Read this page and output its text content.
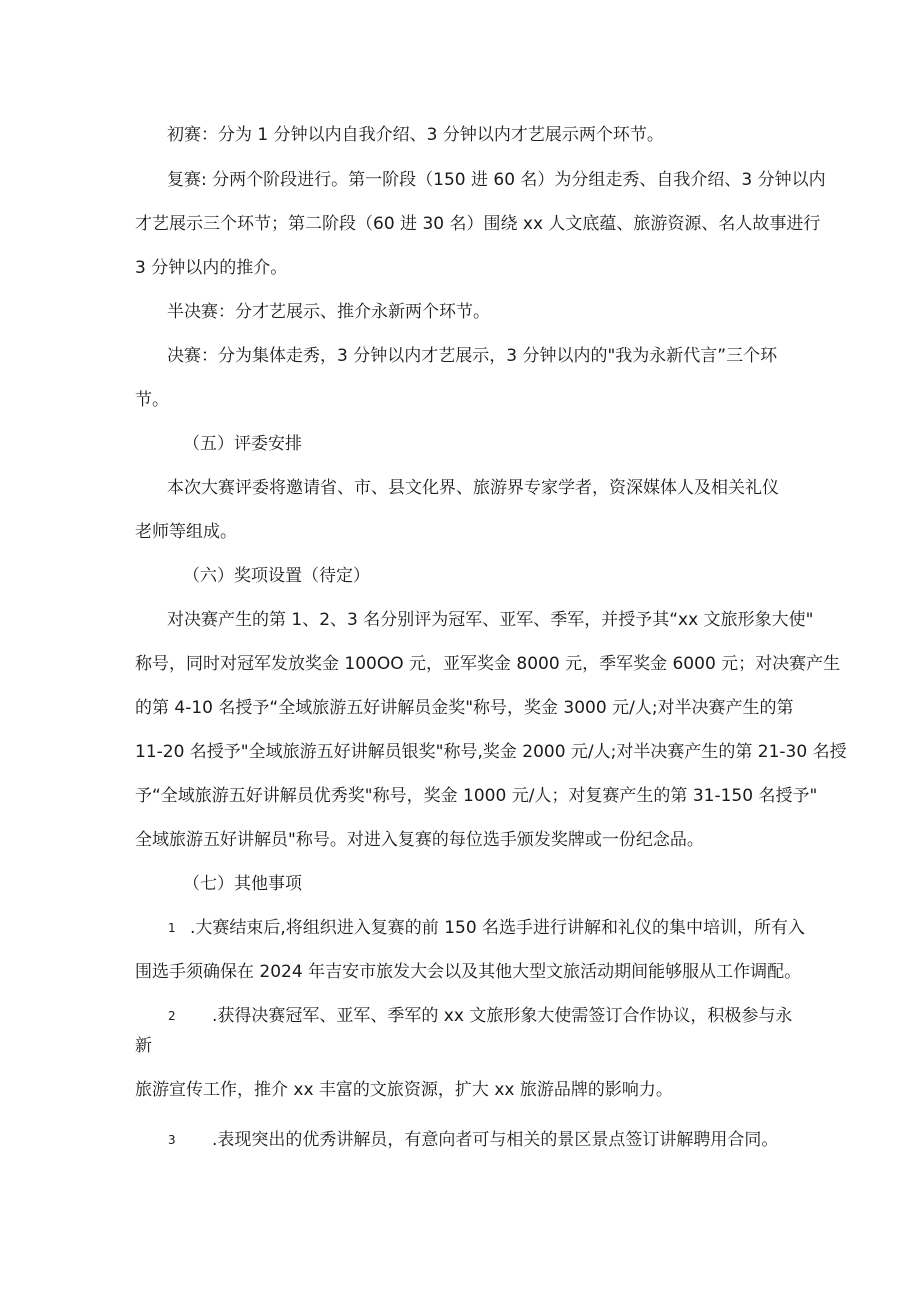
初赛：分为 1 分钟以内自我介绍、3 分钟以内才艺展示两个环节。
复赛: 分两个阶段进行。第一阶段（150 进 60 名）为分组走秀、自我介绍、3 分钟以内
才艺展示三个环节；第二阶段（60 进 30 名）围绕 xx 人文底蕴、旅游资源、名人故事进行
3 分钟以内的推介。
半决赛：分才艺展示、推介永新两个环节。
决赛：分为集体走秀，3 分钟以内才艺展示，3 分钟以内的"我为永新代言”三个环
节。
（五）评委安排
本次大赛评委将邀请省、市、县文化界、旅游界专家学者，资深媒体人及相关礼仪
老师等组成。
（六）奖项设置（待定）
对决赛产生的第 1、2、3 名分别评为冠军、亚军、季军，并授予其“xx 文旅形象大使"
称号，同时对冠军发放奖金 100OO 元，亚军奖金 8000 元，季军奖金 6000 元；对决赛产生
的第 4-10 名授予“全域旅游五好讲解员金奖"称号，奖金 3000 元/人;对半决赛产生的第
11-20 名授予"全域旅游五好讲解员银奖"称号,奖金 2000 元/人;对半决赛产生的第 21-30 名授
予“全域旅游五好讲解员优秀奖"称号，奖金 1000 元/人；对复赛产生的第 31-150 名授予"
全域旅游五好讲解员"称号。对进入复赛的每位选手颁发奖牌或一份纪念品。
（七）其他事项
1 .大赛结束后,将组织进入复赛的前 150 名选手进行讲解和礼仪的集中培训，所有入
围选手须确保在 2024 年吉安市旅发大会以及其他大型文旅活动期间能够服从工作调配。
2 .获得决赛冠军、亚军、季军的 xx 文旅形象大使需签订合作协议，积极参与永
新
旅游宣传工作，推介 xx 丰富的文旅资源，扩大 xx 旅游品牌的影响力。
3 .表现突出的优秀讲解员，有意向者可与相关的景区景点签订讲解聘用合同。
